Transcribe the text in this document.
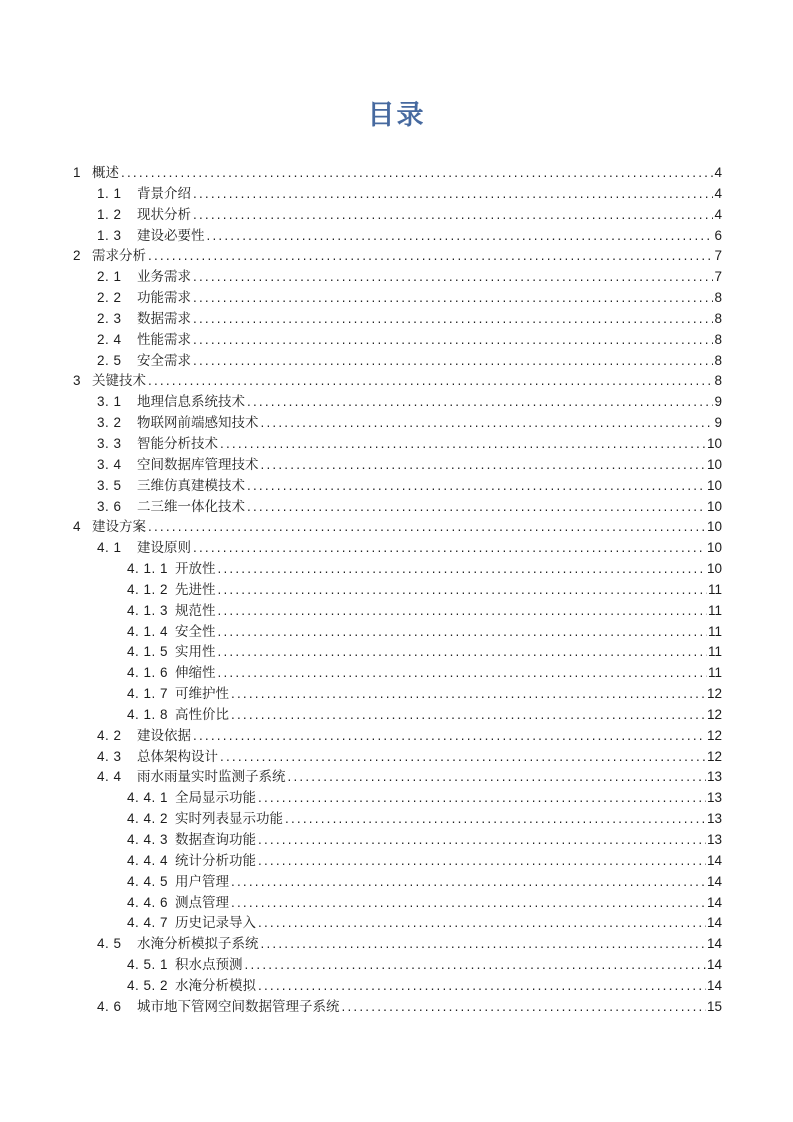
目录
1 概述 .....	4
1. 1	背景介绍 .....	4
1. 2	现状分析 .....	4
1. 3	建设必要性 .....	6
2 需求分析 .....	7
2. 1	业务需求 .....	7
2. 2	功能需求 .....	8
2. 3	数据需求 .....	8
2. 4	性能需求 .....	8
2. 5	安全需求 .....	8
3 关键技术 .....	8
3. 1	地理信息系统技术 .....	9
3. 2	物联网前端感知技术 .....	9
3. 3	智能分析技术 .....	10
3. 4	空间数据库管理技术 .....	10
3. 5	三维仿真建模技术 .....	10
3. 6	二三维一体化技术 .....	10
4 建设方案 .....	10
4. 1	建设原则 .....	10
4. 1. 1 开放性 .....	10
4. 1. 2 先进性 .....	11
4. 1. 3 规范性 .....	11
4. 1. 4 安全性 .....	11
4. 1. 5 实用性 .....	11
4. 1. 6 伸缩性 .....	11
4. 1. 7 可维护性 .....	12
4. 1. 8 高性价比 .....	12
4. 2	建设依据 .....	12
4. 3	总体架构设计 .....	12
4. 4	雨水雨量实时监测子系统 .....	13
4. 4. 1 全局显示功能 .....	13
4. 4. 2 实时列表显示功能 .....	13
4. 4. 3 数据查询功能 .....	13
4. 4. 4 统计分析功能 .....	14
4. 4. 5 用户管理 .....	14
4. 4. 6 测点管理 .....	14
4. 4. 7 历史记录导入 .....	14
4. 5	水淹分析模拟子系统 .....	14
4. 5. 1 积水点预测 .....	14
4. 5. 2 水淹分析模拟 .....	14
4. 6	城市地下管网空间数据管理子系统 .....	15
